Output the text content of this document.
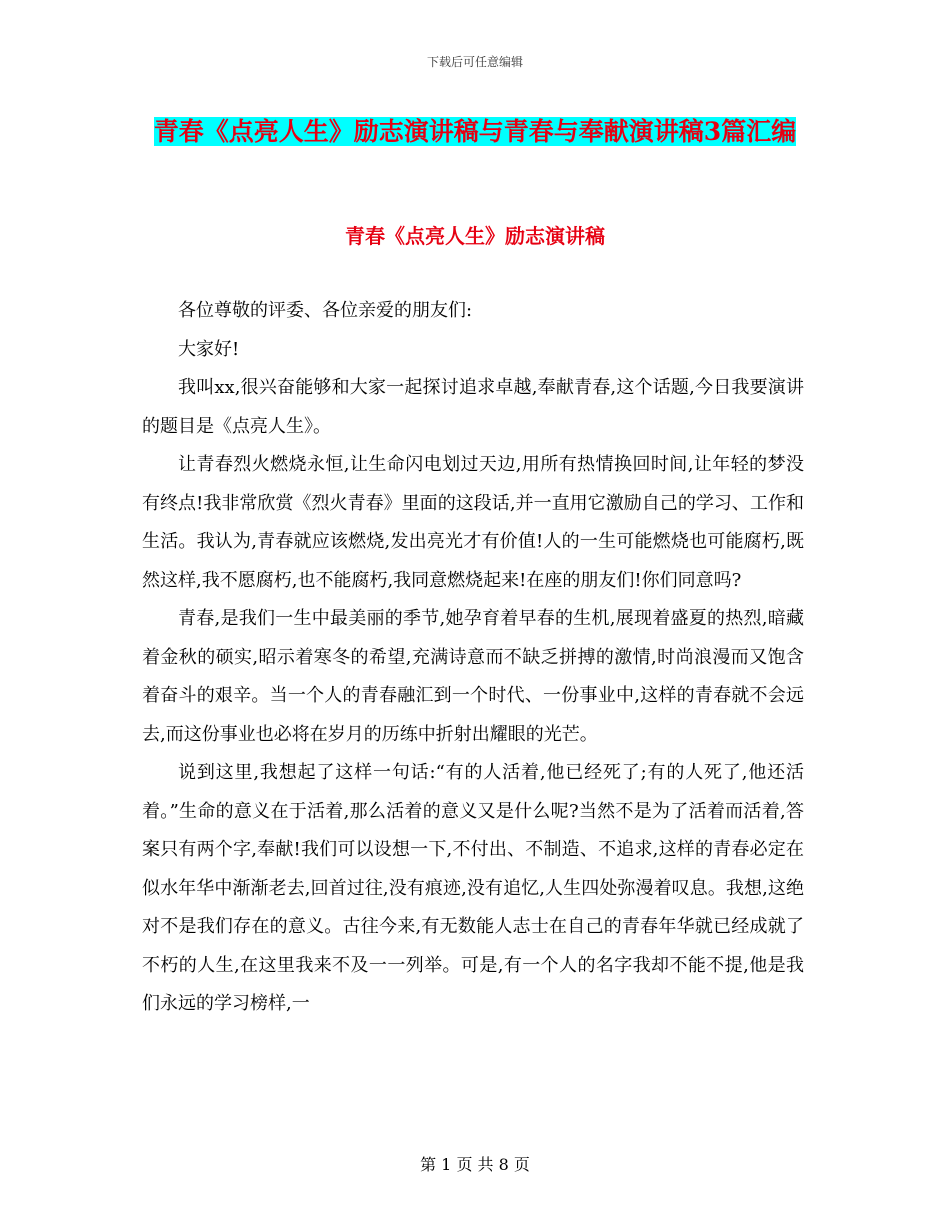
下载后可任意编辑
青春《点亮人生》励志演讲稿与青春与奉献演讲稿3篇汇编
青春《点亮人生》励志演讲稿

各位尊敬的评委、各位亲爱的朋友们:

大家好!

我叫xx,很兴奋能够和大家一起探讨追求卓越,奉献青春,这个话题,今日我要演讲的题目是《点亮人生》。

让青春烈火燃烧永恒,让生命闪电划过天边,用所有热情换回时间,让年轻的梦没有终点!我非常欣赏《烈火青春》里面的这段话,并一直用它激励自己的学习、工作和生活。我认为,青春就应该燃烧,发出亮光才有价值!人的一生可能燃烧也可能腐朽,既然这样,我不愿腐朽,也不能腐朽,我同意燃烧起来!在座的朋友们!你们同意吗?

青春,是我们一生中最美丽的季节,她孕育着早春的生机,展现着盛夏的热烈,暗藏着金秋的硕实,昭示着寒冬的希望,充满诗意而不缺乏拼搏的激情,时尚浪漫而又饱含着奋斗的艰辛。当一个人的青春融汇到一个时代、一份事业中,这样的青春就不会远去,而这份事业也必将在岁月的历练中折射出耀眼的光芒。

说到这里,我想起了这样一句话:“有的人活着,他已经死了;有的人死了,他还活着。”生命的意义在于活着,那么活着的意义又是什么呢?当然不是为了活着而活着,答案只有两个字,奉献!我们可以设想一下,不付出、不制造、不追求,这样的青春必定在似水年华中渐渐老去,回首过往,没有痕迹,没有追忆,人生四处弥漫着叹息。我想,这绝对不是我们存在的意义。古往今来,有无数能人志士在自己的青春年华就已经成就了不朽的人生,在这里我来不及一一列举。可是,有一个人的名字我却不能不提,他是我们永远的学习榜样,一

第 1 页 共 8 页
